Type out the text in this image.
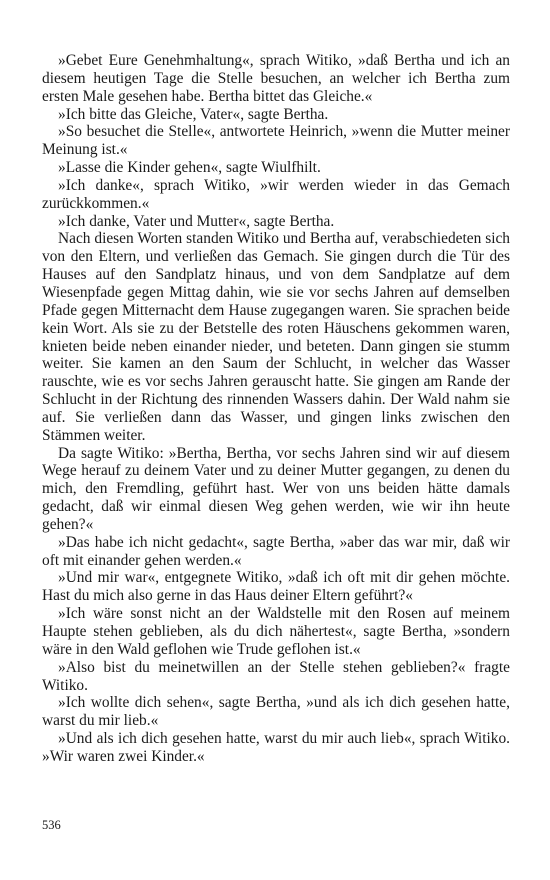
»Gebet Eure Genehmhaltung«, sprach Witiko, »daß Bertha und ich an diesem heutigen Tage die Stelle besuchen, an welcher ich Bertha zum ersten Male gesehen habe. Bertha bittet das Gleiche.«

»Ich bitte das Gleiche, Vater«, sagte Bertha.

»So besuchet die Stelle«, antwortete Heinrich, »wenn die Mutter meiner Meinung ist.«

»Lasse die Kinder gehen«, sagte Wiulfhilt.

»Ich danke«, sprach Witiko, »wir werden wieder in das Gemach zurückkommen.«

»Ich danke, Vater und Mutter«, sagte Bertha.

Nach diesen Worten standen Witiko und Bertha auf, verabschiedeten sich von den Eltern, und verließen das Gemach. Sie gingen durch die Tür des Hauses auf den Sandplatz hinaus, und von dem Sandplatze auf dem Wiesenpfade gegen Mittag dahin, wie sie vor sechs Jahren auf demselben Pfade gegen Mitternacht dem Hause zugegangen waren. Sie sprachen beide kein Wort. Als sie zu der Betstelle des roten Häuschens gekommen waren, knieten beide neben einander nieder, und beteten. Dann gingen sie stumm weiter. Sie kamen an den Saum der Schlucht, in welcher das Wasser rauschte, wie es vor sechs Jahren gerauscht hatte. Sie gingen am Rande der Schlucht in der Richtung des rinnenden Wassers dahin. Der Wald nahm sie auf. Sie verließen dann das Wasser, und gingen links zwischen den Stämmen weiter.

Da sagte Witiko: »Bertha, Bertha, vor sechs Jahren sind wir auf diesem Wege herauf zu deinem Vater und zu deiner Mutter gegangen, zu denen du mich, den Fremdling, geführt hast. Wer von uns beiden hätte damals gedacht, daß wir einmal diesen Weg gehen werden, wie wir ihn heute gehen?«

»Das habe ich nicht gedacht«, sagte Bertha, »aber das war mir, daß wir oft mit einander gehen werden.«

»Und mir war«, entgegnete Witiko, »daß ich oft mit dir gehen möchte. Hast du mich also gerne in das Haus deiner Eltern geführt?«

»Ich wäre sonst nicht an der Waldstelle mit den Rosen auf meinem Haupte stehen geblieben, als du dich nähertest«, sagte Bertha, »sondern wäre in den Wald geflohen wie Trude geflohen ist.«

»Also bist du meinetwillen an der Stelle stehen geblieben?« fragte Witiko.

»Ich wollte dich sehen«, sagte Bertha, »und als ich dich gesehen hatte, warst du mir lieb.«

»Und als ich dich gesehen hatte, warst du mir auch lieb«, sprach Witiko. »Wir waren zwei Kinder.«

536
